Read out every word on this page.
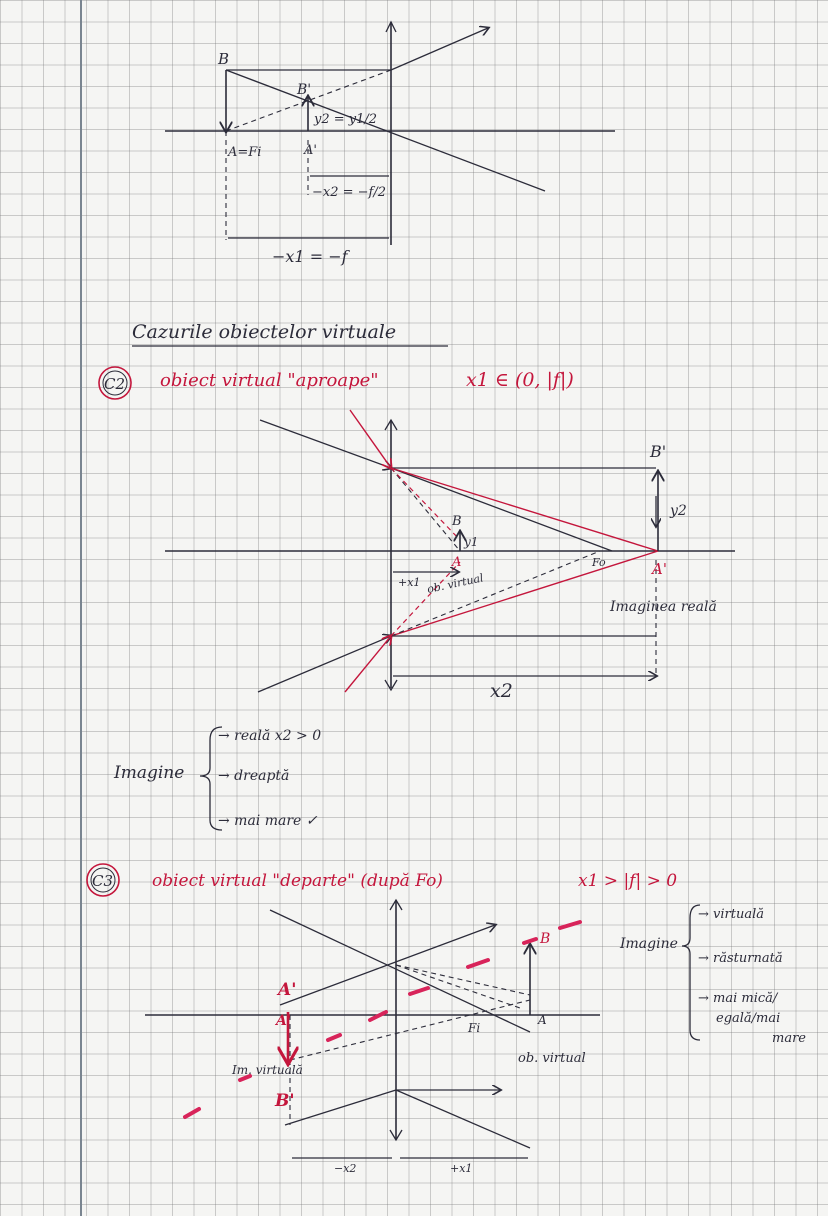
B
B'
y2 = y1/2
A=Fi	A'
−x2 = −f/2
−x1 = −f
Cazurile obiectelor virtuale
C2 obiect virtual "aproape"	x1 ∈ (0, |f|)
B'
y2
B
y1
A	Fo	A'
+x1 ob. virtual
Imaginea reală
x2
Imagine
→ reală x2 > 0
→ dreaptă
→ mai mare ✓
C3 obiect virtual "departe" (după Fo)	x1 > |f| > 0
Imagine
→ virtuală
→ răsturnată
→ mai mică/
egală/mai
mare
B
A
Fi
ob. virtual
A'
A'
B'
Im. virtuală
−x2	+x1
